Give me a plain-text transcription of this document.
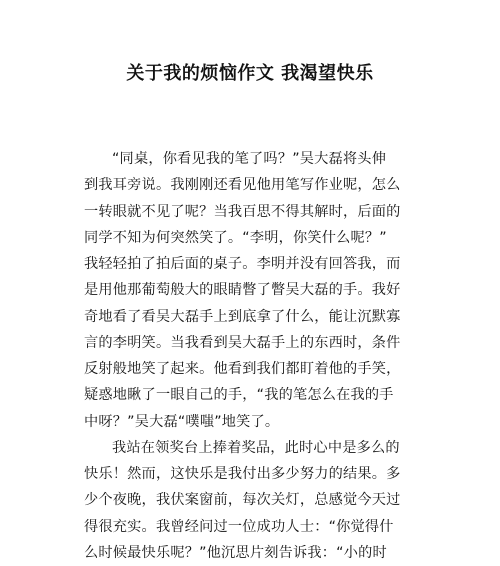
关于我的烦恼作文 我渴望快乐
“同桌，你看见我的笔了吗？”吴大磊将头伸
到我耳旁说。我刚刚还看见他用笔写作业呢，怎么
一转眼就不见了呢？当我百思不得其解时，后面的
同学不知为何突然笑了。“李明，你笑什么呢？”
我轻轻拍了拍后面的桌子。李明并没有回答我，而
是用他那葡萄般大的眼睛瞥了瞥吴大磊的手。我好
奇地看了看吴大磊手上到底拿了什么，能让沉默寡
言的李明笑。当我看到吴大磊手上的东西时，条件
反射般地笑了起来。他看到我们都盯着他的手笑，
疑惑地瞅了一眼自己的手，“我的笔怎么在我的手
中呀？”吴大磊“噗嗤”地笑了。
我站在领奖台上捧着奖品，此时心中是多么的
快乐！然而，这快乐是我付出多少努力的结果。多
少个夜晚，我伏案窗前，每次关灯，总感觉今天过
得很充实。我曾经问过一位成功人士：“你觉得什
么时候最快乐呢？”他沉思片刻告诉我：“小的时
